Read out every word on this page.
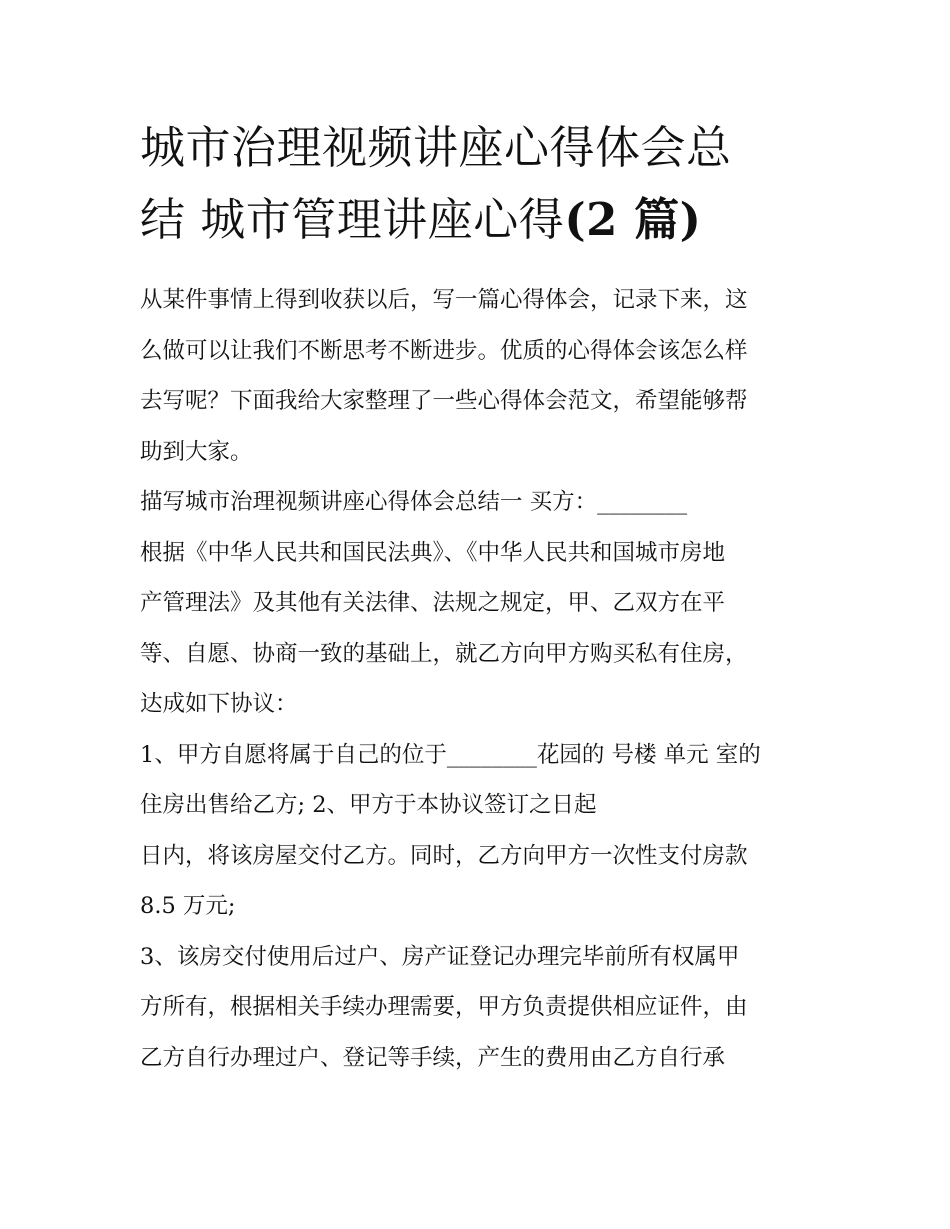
城市治理视频讲座心得体会总
结 城市管理讲座心得(2 篇)
从某件事情上得到收获以后，写一篇心得体会，记录下来，这
么做可以让我们不断思考不断进步。优质的心得体会该怎么样
去写呢？下面我给大家整理了一些心得体会范文，希望能够帮
助到大家。
描写城市治理视频讲座心得体会总结一 买方：________
根据《中华人民共和国民法典》、《中华人民共和国城市房地
产管理法》及其他有关法律、法规之规定，甲、乙双方在平
等、自愿、协商一致的基础上，就乙方向甲方购买私有住房，
达成如下协议：
1、甲方自愿将属于自己的位于________花园的 号楼 单元 室的
住房出售给乙方; 2、甲方于本协议签订之日起
日内，将该房屋交付乙方。同时，乙方向甲方一次性支付房款
8.5 万元;
3、该房交付使用后过户、房产证登记办理完毕前所有权属甲
方所有，根据相关手续办理需要，甲方负责提供相应证件，由
乙方自行办理过户、登记等手续，产生的费用由乙方自行承
